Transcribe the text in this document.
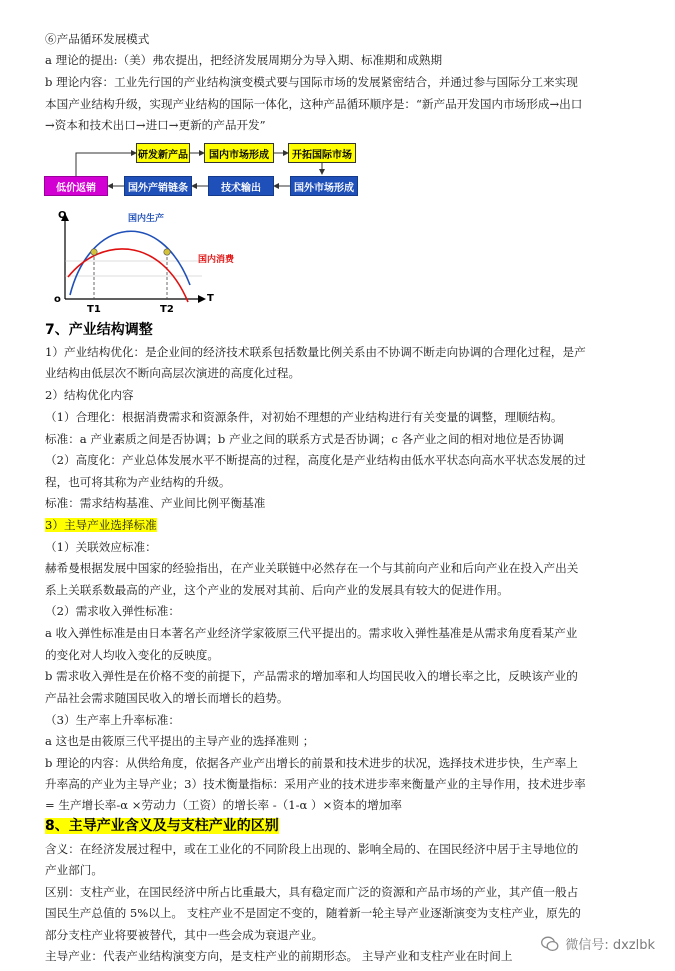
⑥产品循环发展模式
a 理论的提出:（美）弗农提出，把经济发展周期分为导入期、标准期和成熟期
b 理论内容：工业先行国的产业结构演变模式要与国际市场的发展紧密结合，并通过参与国际分工来实现
本国产业结构升级，实现产业结构的国际一体化，这种产品循环顺序是：“新产品开发国内市场形成→出口
→资本和技术出口→进口→更新的产品开发”
研发新产品	国内市场形成	开拓国际市场
低价返销	国外产销链条	技术输出	国外市场形成
Q
T
o
T1	T2
国内生产
国内消费
7、产业结构调整
1）产业结构优化：是企业间的经济技术联系包括数量比例关系由不协调不断走向协调的合理化过程，是产
业结构由低层次不断向高层次演进的高度化过程。
2）结构优化内容
（1）合理化：根据消费需求和资源条件，对初始不理想的产业结构进行有关变量的调整，理顺结构。
标准：a 产业素质之间是否协调；b 产业之间的联系方式是否协调；c 各产业之间的相对地位是否协调
（2）高度化：产业总体发展水平不断提高的过程，高度化是产业结构由低水平状态向高水平状态发展的过
程，也可将其称为产业结构的升级。
标准：需求结构基准、产业间比例平衡基准
3）主导产业选择标准
（1）关联效应标准：
赫希曼根据发展中国家的经验指出，在产业关联链中必然存在一个与其前向产业和后向产业在投入产出关
系上关联系数最高的产业，这个产业的发展对其前、后向产业的发展具有较大的促进作用。
（2）需求收入弹性标准：
a 收入弹性标准是由日本著名产业经济学家筱原三代平提出的。需求收入弹性基准是从需求角度看某产业
的变化对人均收入变化的反映度。
b 需求收入弹性是在价格不变的前提下，产品需求的增加率和人均国民收入的增长率之比，反映该产业的
产品社会需求随国民收入的增长而增长的趋势。
（3）生产率上升率标准：
a 这也是由筱原三代平提出的主导产业的选择准则 ；
b 理论的内容：从供给角度，依据各产业产出增长的前景和技术进步的状况，选择技术进步快，生产率上
升率高的产业为主导产业；3）技术衡量指标：采用产业的技术进步率来衡量产业的主导作用，技术进步率
= 生产增长率-α ×劳动力（工资）的增长率 -（1-α ）×资本的增加率
8、主导产业含义及与支柱产业的区别
含义：在经济发展过程中，或在工业化的不同阶段上出现的、影响全局的、在国民经济中居于主导地位的
产业部门。
区别：支柱产业，在国民经济中所占比重最大，具有稳定而广泛的资源和产品市场的产业，其产值一般占
国民生产总值的 5%以上。 支柱产业不是固定不变的，随着新一轮主导产业逐渐演变为支柱产业，原先的
部分支柱产业将要被替代，其中一些会成为衰退产业。
主导产业：代表产业结构演变方向，是支柱产业的前期形态。 主导产业和支柱产业在时间上
微信号: dxzlbk
